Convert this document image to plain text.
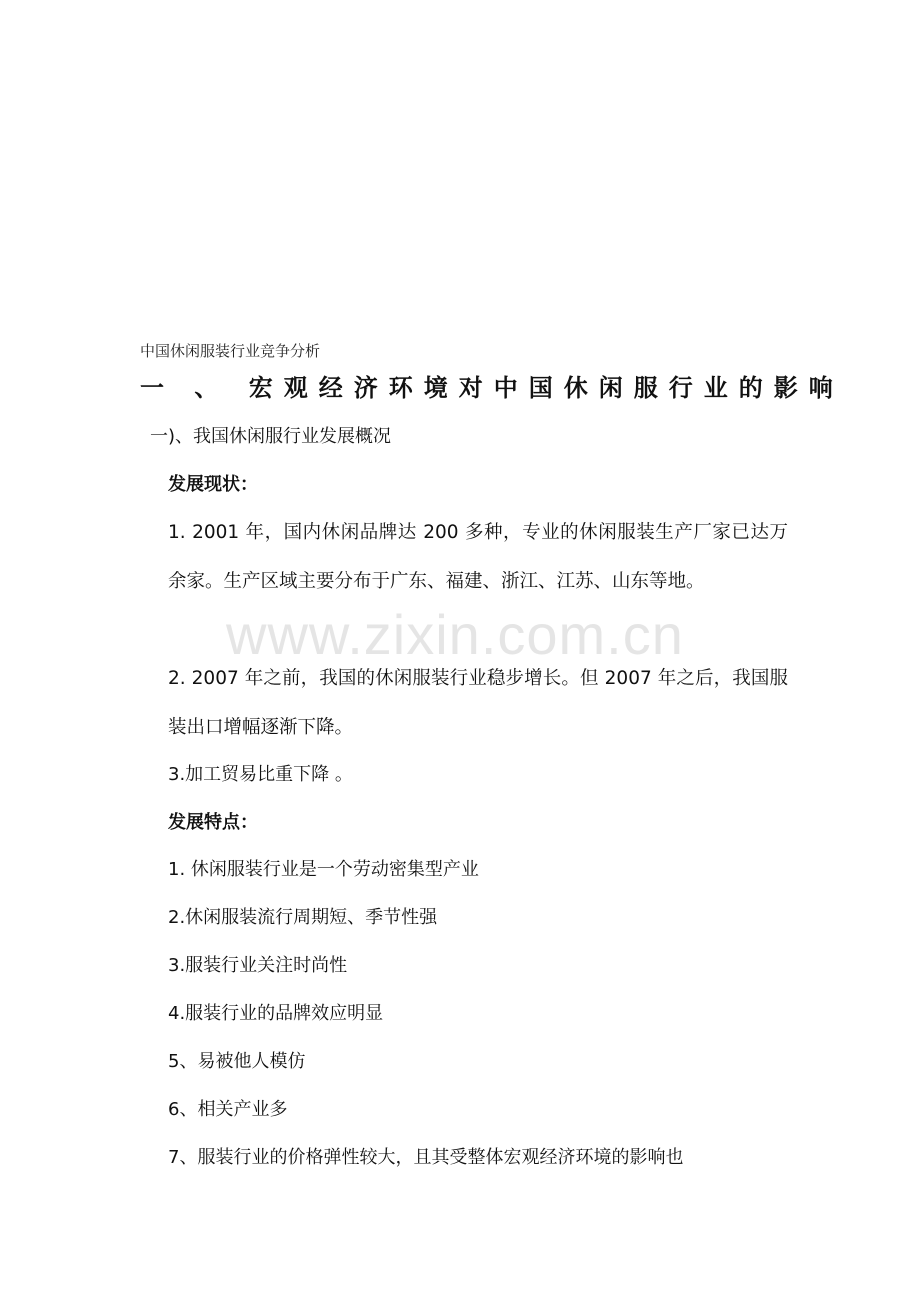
中国休闲服装行业竞争分析
一 、 宏观经济环境对中国休闲服行业的影响
一)、我国休闲服行业发展概况
发展现状：
1. 2001 年，国内休闲品牌达 200 多种，专业的休闲服装生产厂家已达万余家。生产区域主要分布于广东、福建、浙江、江苏、山东等地。
2. 2007 年之前，我国的休闲服装行业稳步增长。但 2007 年之后，我国服装出口增幅逐渐下降。
3.加工贸易比重下降 。
发展特点：
1. 休闲服装行业是一个劳动密集型产业
2.休闲服装流行周期短、季节性强
3.服装行业关注时尚性
4.服装行业的品牌效应明显
5、易被他人模仿
6、相关产业多
7、服装行业的价格弹性较大，且其受整体宏观经济环境的影响也
www.zixin.com.cn
